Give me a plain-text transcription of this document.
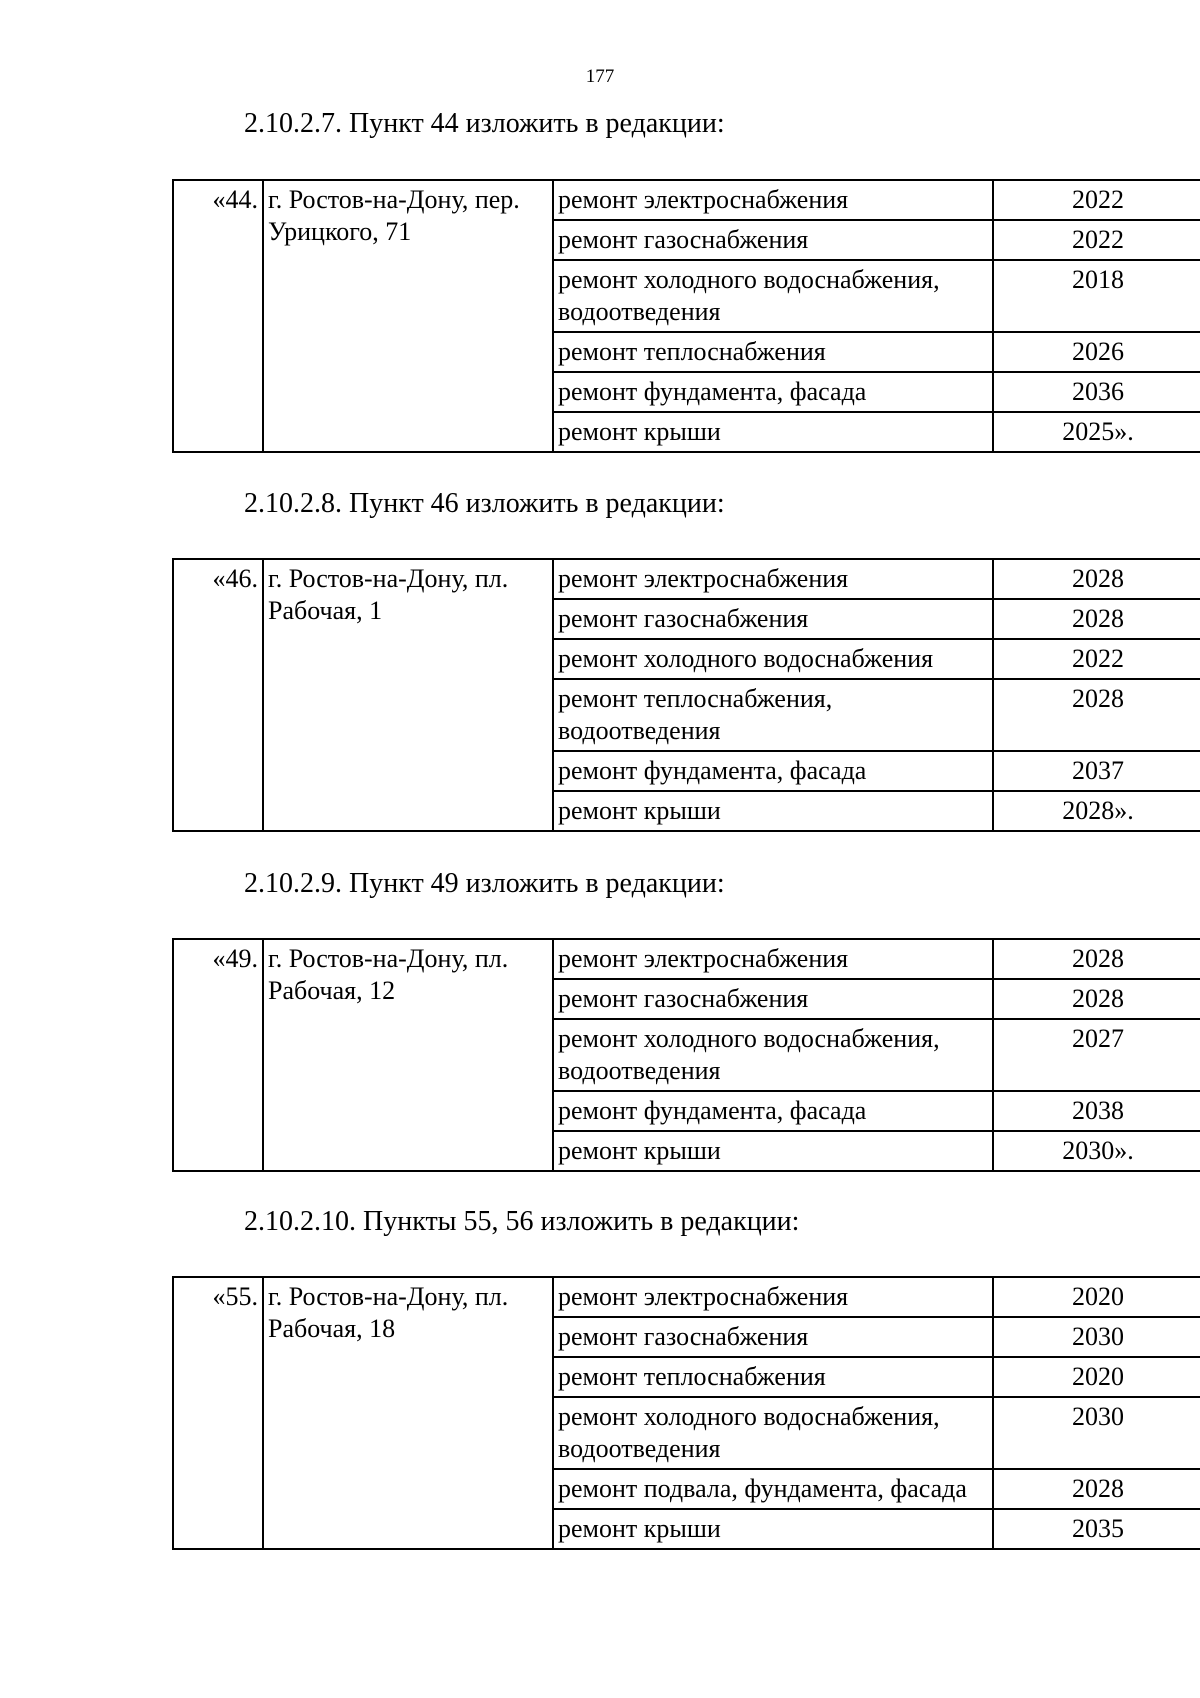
177
2.10.2.7. Пункт 44 изложить в редакции:
«44.	г. Ростов-на-Дону, пер. Урицкого, 71	ремонт электроснабжения	2022
		ремонт газоснабжения	2022
		ремонт холодного водоснабжения, водоотведения	2018
		ремонт теплоснабжения	2026
		ремонт фундамента, фасада	2036
		ремонт крыши	2025».
2.10.2.8. Пункт 46 изложить в редакции:
«46.	г. Ростов-на-Дону, пл. Рабочая, 1	ремонт электроснабжения	2028
		ремонт газоснабжения	2028
		ремонт холодного водоснабжения	2022
		ремонт теплоснабжения, водоотведения	2028
		ремонт фундамента, фасада	2037
		ремонт крыши	2028».
2.10.2.9. Пункт 49 изложить в редакции:
«49.	г. Ростов-на-Дону, пл. Рабочая, 12	ремонт электроснабжения	2028
		ремонт газоснабжения	2028
		ремонт холодного водоснабжения, водоотведения	2027
		ремонт фундамента, фасада	2038
		ремонт крыши	2030».
2.10.2.10. Пункты 55, 56 изложить в редакции:
«55.	г. Ростов-на-Дону, пл. Рабочая, 18	ремонт электроснабжения	2020
		ремонт газоснабжения	2030
		ремонт теплоснабжения	2020
		ремонт холодного водоснабжения, водоотведения	2030
		ремонт подвала, фундамента, фасада	2028
		ремонт крыши	2035
